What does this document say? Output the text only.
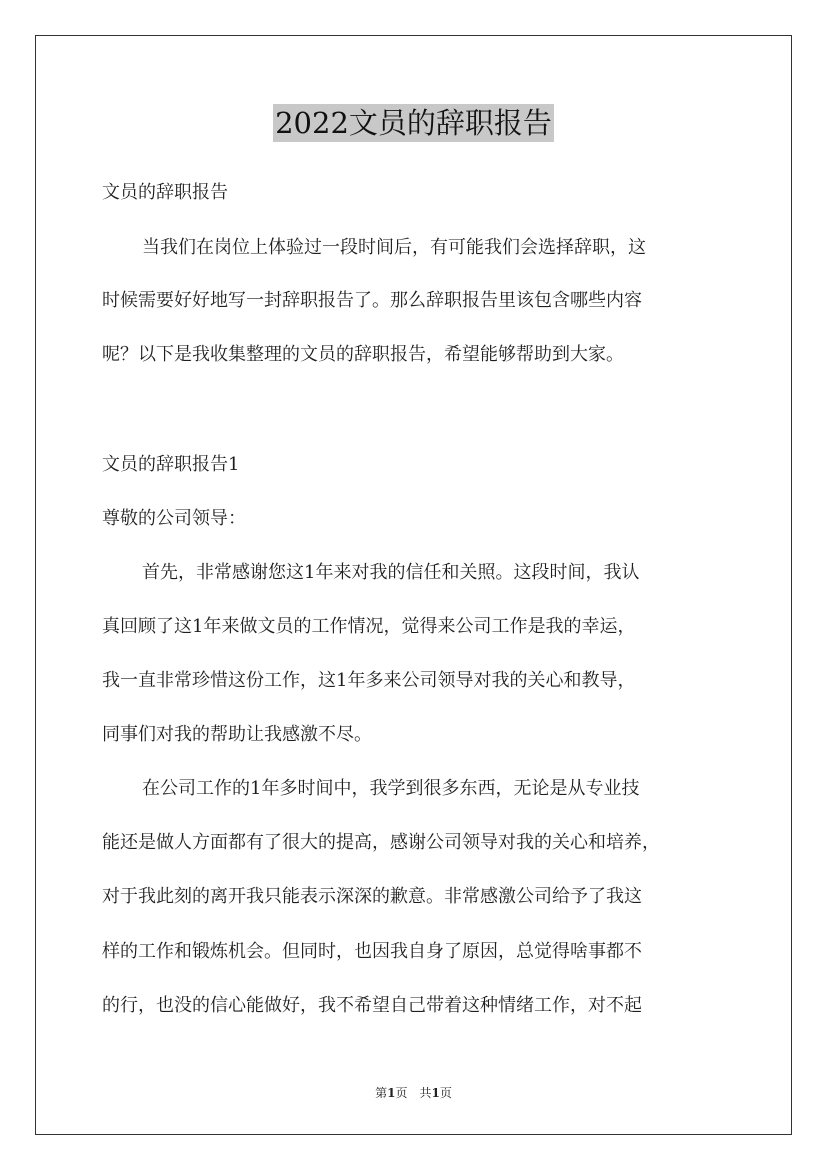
2022文员的辞职报告
文员的辞职报告
当我们在岗位上体验过一段时间后，有可能我们会选择辞职，这
时候需要好好地写一封辞职报告了。那么辞职报告里该包含哪些内容
呢？以下是我收集整理的文员的辞职报告，希望能够帮助到大家。
文员的辞职报告1
尊敬的公司领导：
首先，非常感谢您这1年来对我的信任和关照。这段时间，我认
真回顾了这1年来做文员的工作情况，觉得来公司工作是我的幸运，
我一直非常珍惜这份工作，这1年多来公司领导对我的关心和教导，
同事们对我的帮助让我感激不尽。
在公司工作的1年多时间中，我学到很多东西，无论是从专业技
能还是做人方面都有了很大的提高，感谢公司领导对我的关心和培养，
对于我此刻的离开我只能表示深深的歉意。非常感激公司给予了我这
样的工作和锻炼机会。但同时，也因我自身了原因，总觉得啥事都不
的行，也没的信心能做好，我不希望自己带着这种情绪工作，对不起
第1页　共1页
